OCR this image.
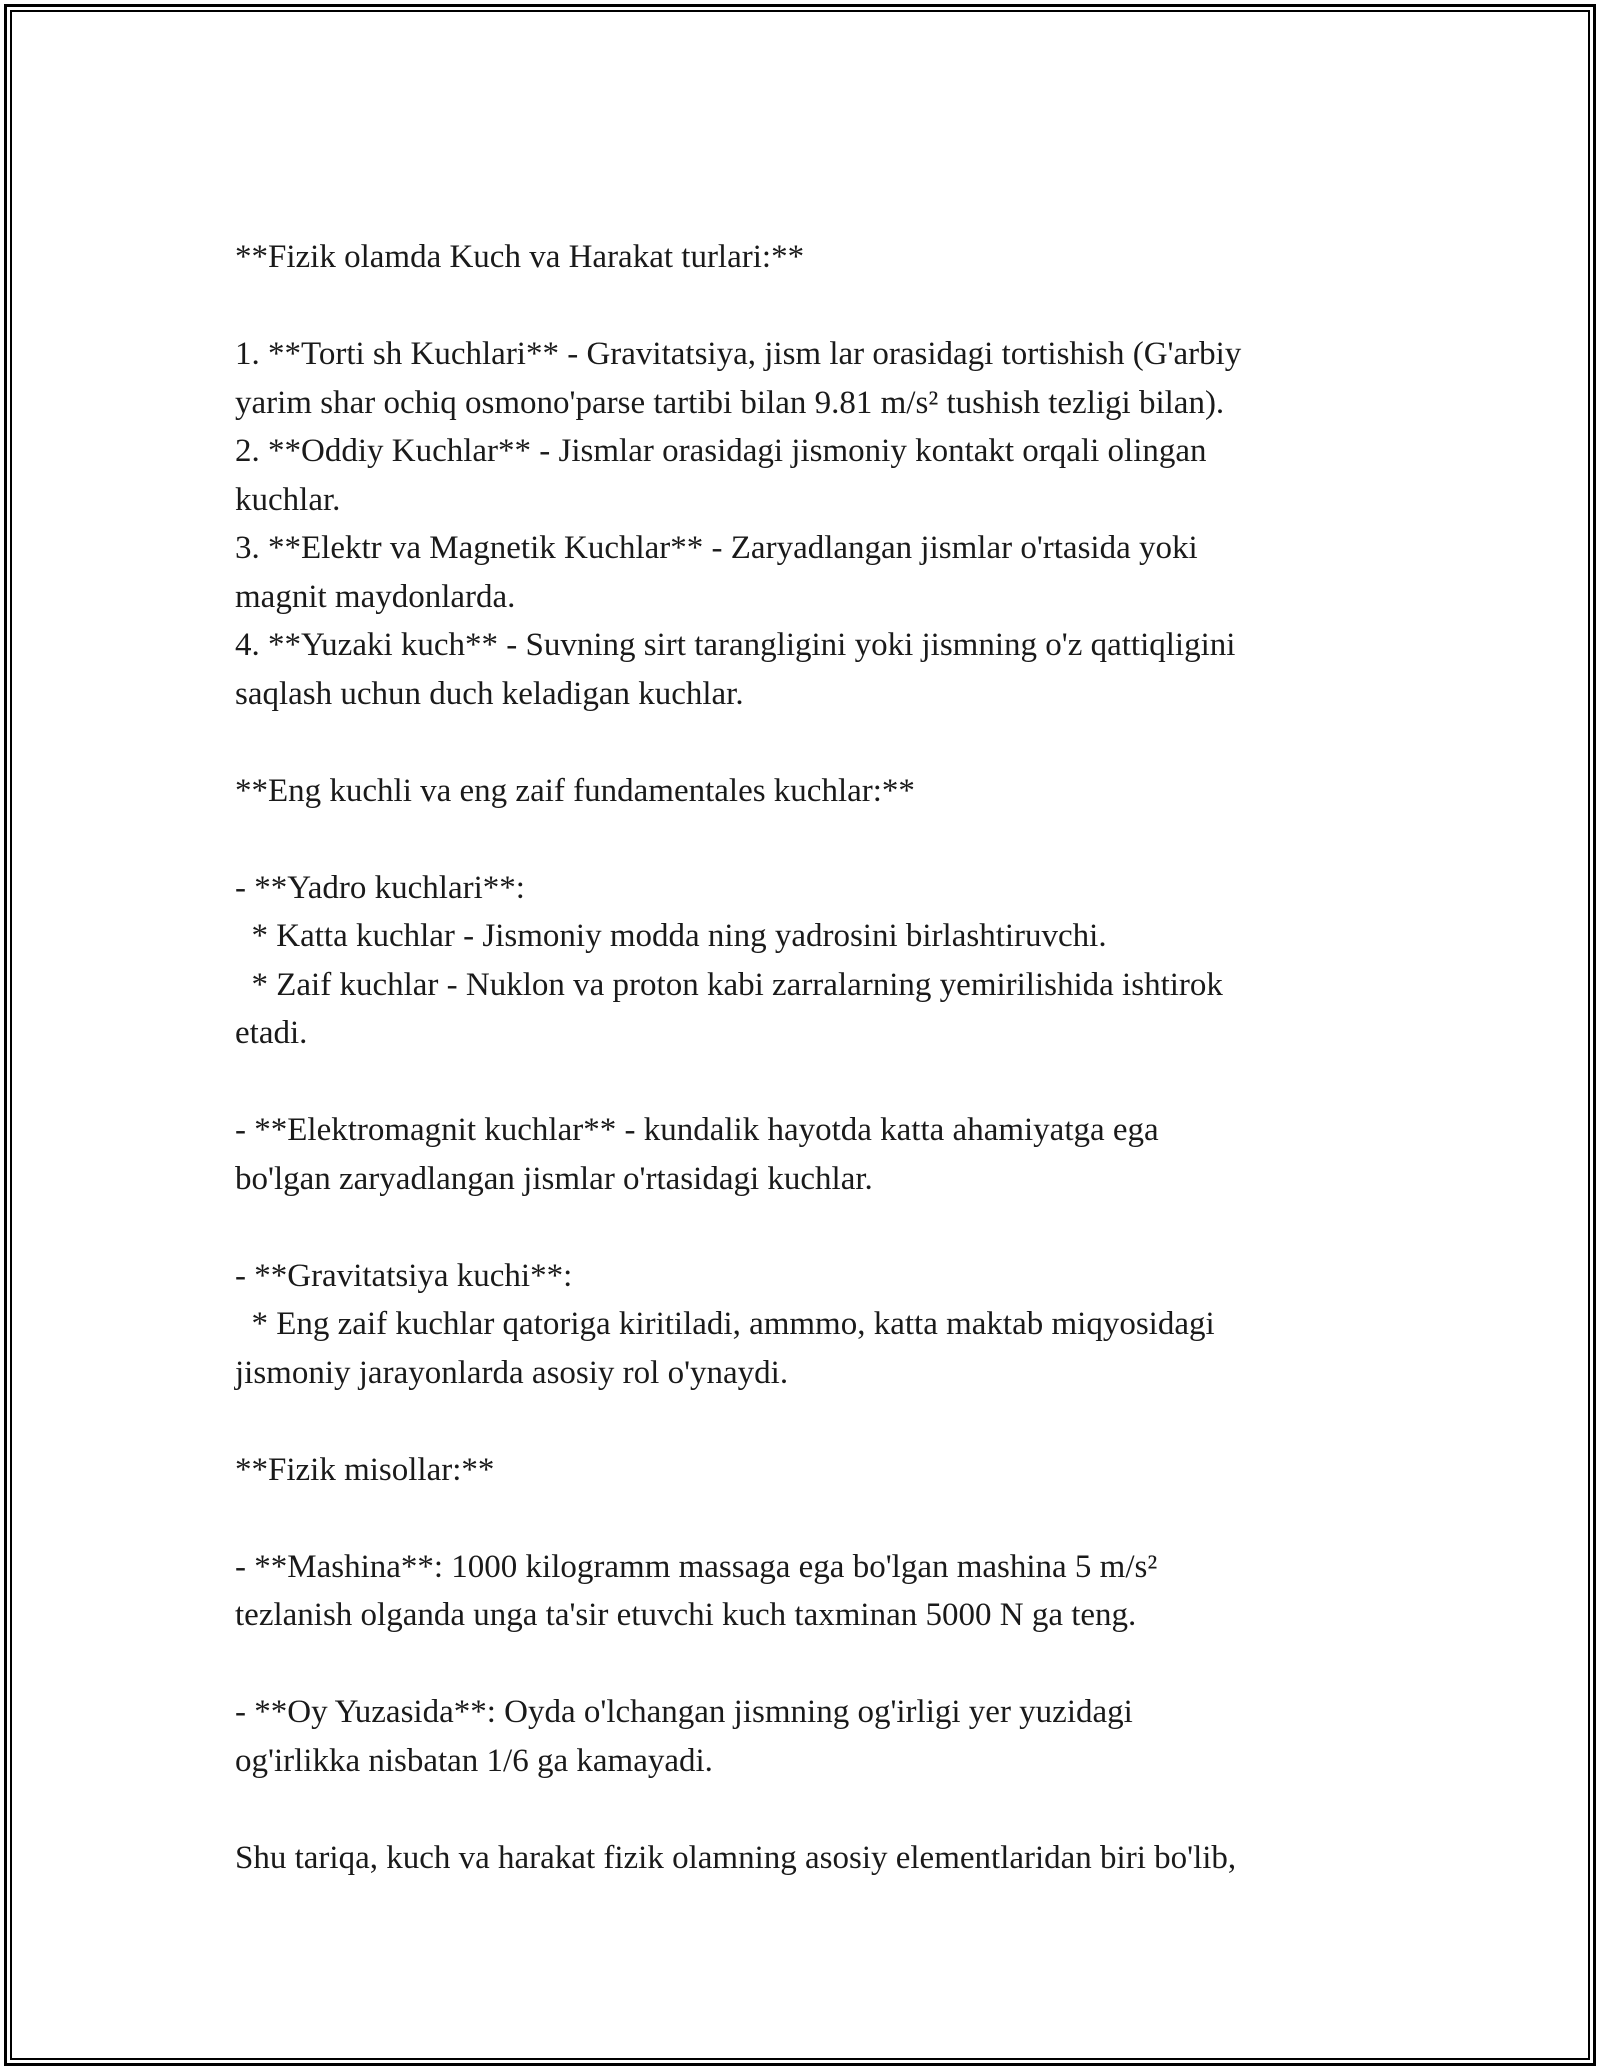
**Fizik olamda Kuch va Harakat turlari:**
1. **Torti sh Kuchlari** - Gravitatsiya, jism lar orasidagi tortishish (G'arbiy
yarim shar ochiq osmono'parse tartibi bilan 9.81 m/s² tushish tezligi bilan).
2. **Oddiy Kuchlar** - Jismlar orasidagi jismoniy kontakt orqali olingan
kuchlar.
3. **Elektr va Magnetik Kuchlar** - Zaryadlangan jismlar o'rtasida yoki
magnit maydonlarda.
4. **Yuzaki kuch** - Suvning sirt tarangligini yoki jismning o'z qattiqligini
saqlash uchun duch keladigan kuchlar.
**Eng kuchli va eng zaif fundamentales kuchlar:**
- **Yadro kuchlari**:
* Katta kuchlar - Jismoniy modda ning yadrosini birlashtiruvchi.
* Zaif kuchlar - Nuklon va proton kabi zarralarning yemirilishida ishtirok
etadi.
- **Elektromagnit kuchlar** - kundalik hayotda katta ahamiyatga ega
bo'lgan zaryadlangan jismlar o'rtasidagi kuchlar.
- **Gravitatsiya kuchi**:
* Eng zaif kuchlar qatoriga kiritiladi, ammmo, katta maktab miqyosidagi
jismoniy jarayonlarda asosiy rol o'ynaydi.
**Fizik misollar:**
- **Mashina**: 1000 kilogramm massaga ega bo'lgan mashina 5 m/s²
tezlanish olganda unga ta'sir etuvchi kuch taxminan 5000 N ga teng.
- **Oy Yuzasida**: Oyda o'lchangan jismning og'irligi yer yuzidagi
og'irlikka nisbatan 1/6 ga kamayadi.
Shu tariqa, kuch va harakat fizik olamning asosiy elementlaridan biri bo'lib,
